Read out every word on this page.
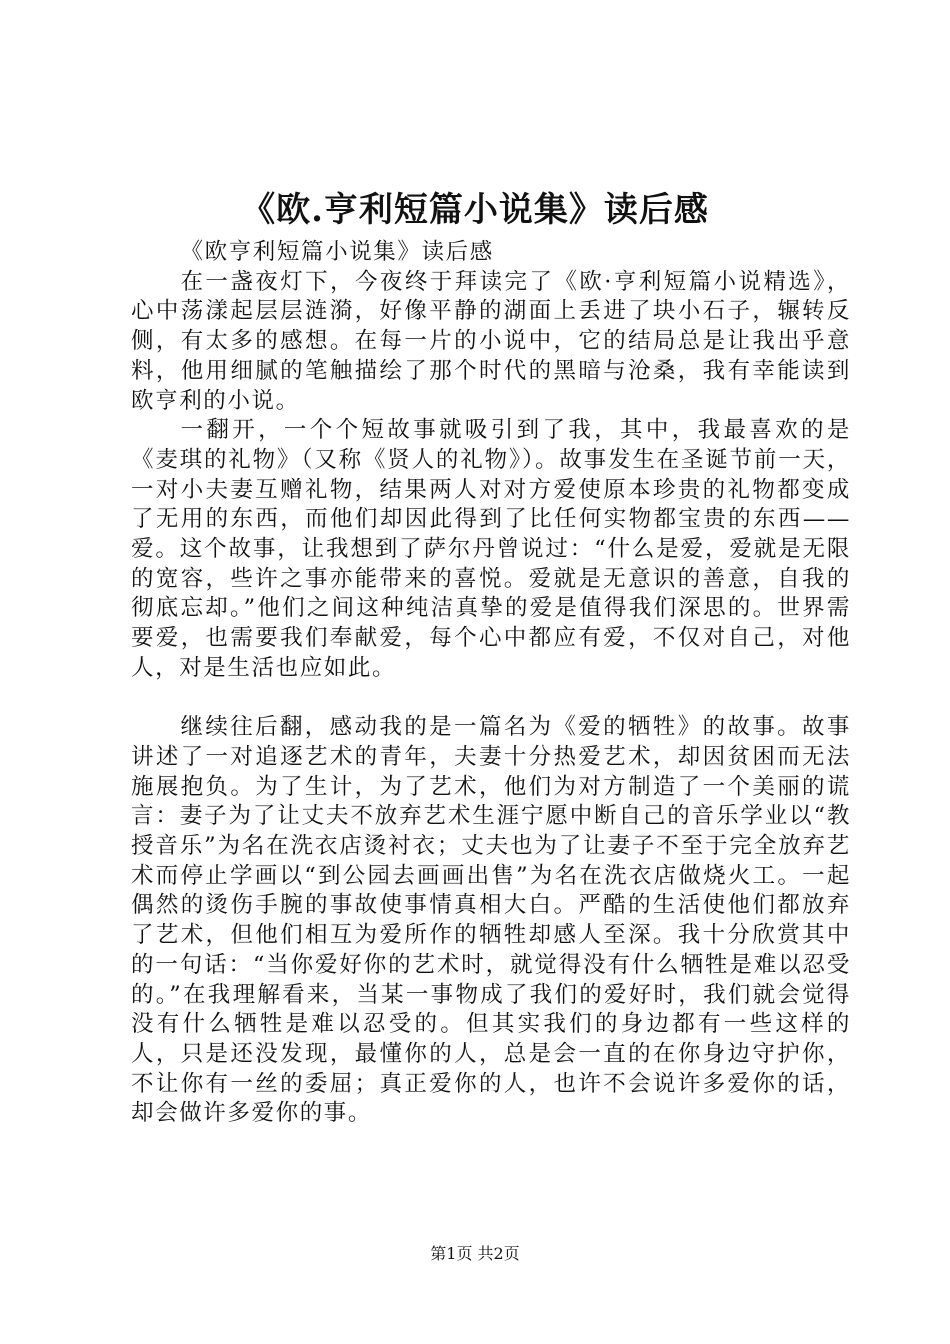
《欧.亨利短篇小说集》读后感

《欧亨利短篇小说集》读后感

在一盏夜灯下，今夜终于拜读完了《欧·亨利短篇小说精选》，心中荡漾起层层涟漪，好像平静的湖面上丢进了块小石子，辗转反侧，有太多的感想。在每一片的小说中，它的结局总是让我出乎意料，他用细腻的笔触描绘了那个时代的黑暗与沧桑，我有幸能读到欧亨利的小说。

一翻开，一个个短故事就吸引到了我，其中，我最喜欢的是《麦琪的礼物》（又称《贤人的礼物》）。故事发生在圣诞节前一天，一对小夫妻互赠礼物，结果两人对对方爱使原本珍贵的礼物都变成了无用的东西，而他们却因此得到了比任何实物都宝贵的东西——爱。这个故事，让我想到了萨尔丹曾说过：“什么是爱，爱就是无限的宽容，些许之事亦能带来的喜悦。爱就是无意识的善意，自我的彻底忘却。”他们之间这种纯洁真挚的爱是值得我们深思的。世界需要爱，也需要我们奉献爱，每个心中都应有爱，不仅对自己，对他人，对是生活也应如此。

继续往后翻，感动我的是一篇名为《爱的牺牲》的故事。故事讲述了一对追逐艺术的青年，夫妻十分热爱艺术，却因贫困而无法施展抱负。为了生计，为了艺术，他们为对方制造了一个美丽的谎言：妻子为了让丈夫不放弃艺术生涯宁愿中断自己的音乐学业以“教授音乐”为名在洗衣店烫衬衣；丈夫也为了让妻子不至于完全放弃艺术而停止学画以“到公园去画画出售”为名在洗衣店做烧火工。一起偶然的烫伤手腕的事故使事情真相大白。严酷的生活使他们都放弃了艺术，但他们相互为爱所作的牺牲却感人至深。我十分欣赏其中的一句话：“当你爱好你的艺术时，就觉得没有什么牺牲是难以忍受的。”在我理解看来，当某一事物成了我们的爱好时，我们就会觉得没有什么牺牲是难以忍受的。但其实我们的身边都有一些这样的人，只是还没发现，最懂你的人，总是会一直的在你身边守护你，不让你有一丝的委屈；真正爱你的人，也许不会说许多爱你的话，却会做许多爱你的事。

第1页 共2页
